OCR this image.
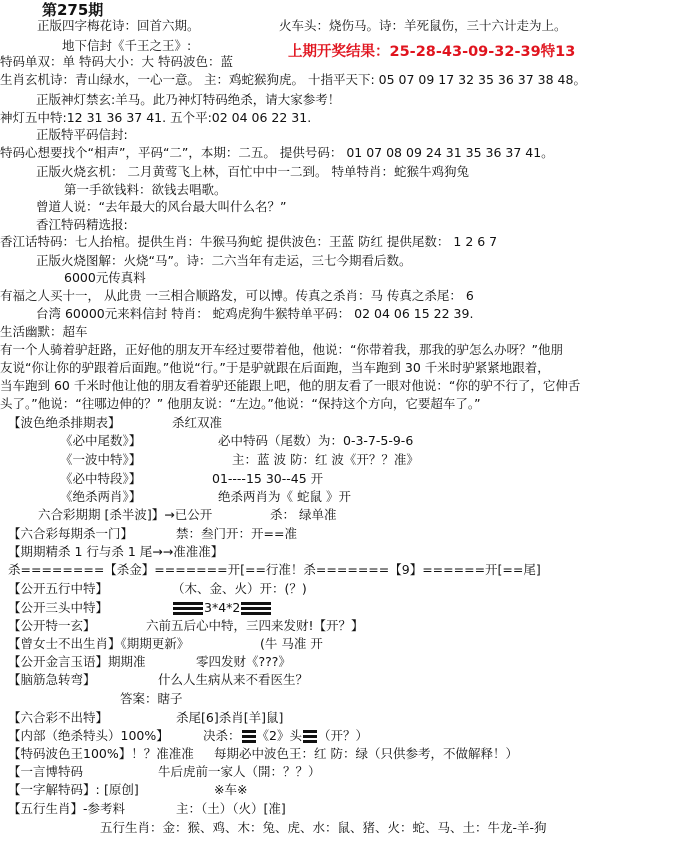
第275期
正版四字梅花诗：回首六期。	火车头：烧伤马。诗：羊死鼠伤，三十六计走为上。
地下信封《千王之王》:	上期开奖结果：25-28-43-09-32-39特13
特码单双：单 特码大小：大 特码波色：蓝
生肖玄机诗：青山绿水，一心一意。 主：鸡蛇猴狗虎。 十指平天下: 05 07 09 17 32 35 36 37 38 48。
正版神灯禁玄:羊马。此乃神灯特码绝杀，请大家参考！
神灯五中特:12 31 36 37 41. 五个平:02 04 06 22 31.
正版特平码信封:
特码心想要找个“相声”，平码“二”，本期：二五。 提供号码： 01 07 08 09 24 31 35 36 37 41。
正版火烧玄机： 二月黄莺飞上林，百忙中中一二到。 特单特肖：蛇猴牛鸡狗兔
第一手欲钱料：欲钱去唱歌。
曾道人说：“去年最大的风台最大叫什么名？”
香江特码精选报:
香江话特码：七人抬棺。提供生肖：牛猴马狗蛇 提供波色：王蓝 防红 提供尾数： 1 2 6 7
正版火烧图解：火烧“马”。诗：二六当年有走运，三七今期看后数。
6000元传真料
有福之人买十一， 从此贵 一三相合顺路发，可以博。传真之杀肖：马 传真之杀尾： 6
台湾 60000元来料信封 特肖： 蛇鸡虎狗牛猴特单平码： 02 04 06 15 22 39.
生活幽默：超车
有一个人骑着驴赶路，正好他的朋友开车经过要带着他，他说：“你带着我，那我的驴怎么办呀？”他朋
友说“你让你的驴跟着后面跑。”他说“行。”于是驴就跟在后面跑，当车跑到 30 千米时驴紧紧地跟着，
当车跑到 60 千米时他让他的朋友看着驴还能跟上吧，他的朋友看了一眼对他说：“你的驴不行了，它伸舌
头了。”他说：“往哪边伸的？” 他朋友说：“左边。”他说：“保持这个方向，它要超车了。”
【波色绝杀排期表】	杀红双准
《必中尾数》】	必中特码（尾数）为：0-3-7-5-9-6
《一波中特》】	主：蓝 波 防：红 波《开？？准》
《必中特段》】	01----15 30--45 开
《绝杀两肖》】	绝杀两肖为《 蛇鼠 》开
六合彩期期 [杀半波]】→已公开	杀： 绿单准
【六合彩每期杀一门】	禁：叁门开：开==准
【期期精杀 1 行与杀 1 尾→→准准准】
杀========【杀金】=======开[==行准！杀=======【9】======开[==尾]
【公开五行中特】	（木、金、火）开：(？)
【公开三头中特】	3*4*2
【公开特一玄】	六前五后心中特，三四来发财!【开？】
【曾女士不出生肖】《期期更新》	(牛 马准 开
【公开金言玉语】期期准	零四发财《???》
【脑筋急转弯】	什么人生病从来不看医生？
答案：瞎子
【六合彩不出特】	杀尾[6]杀肖[羊]鼠]
【内部（绝杀特头）100%】	决杀： 《2》头 （开？）
【特码波色王100%】！？准准准 每期必中波色王：红 防：绿（只供参考，不做解释！）
【一言博特码	牛后虎前一家人（開：？？）
【一字解特码】: [原创]	※车※
【五行生肖】-参考料	主：（土）（火）[准]
五行生肖：金：猴、鸡、木：兔、虎、水：鼠、猪、火：蛇、马、土：牛龙-羊-狗
